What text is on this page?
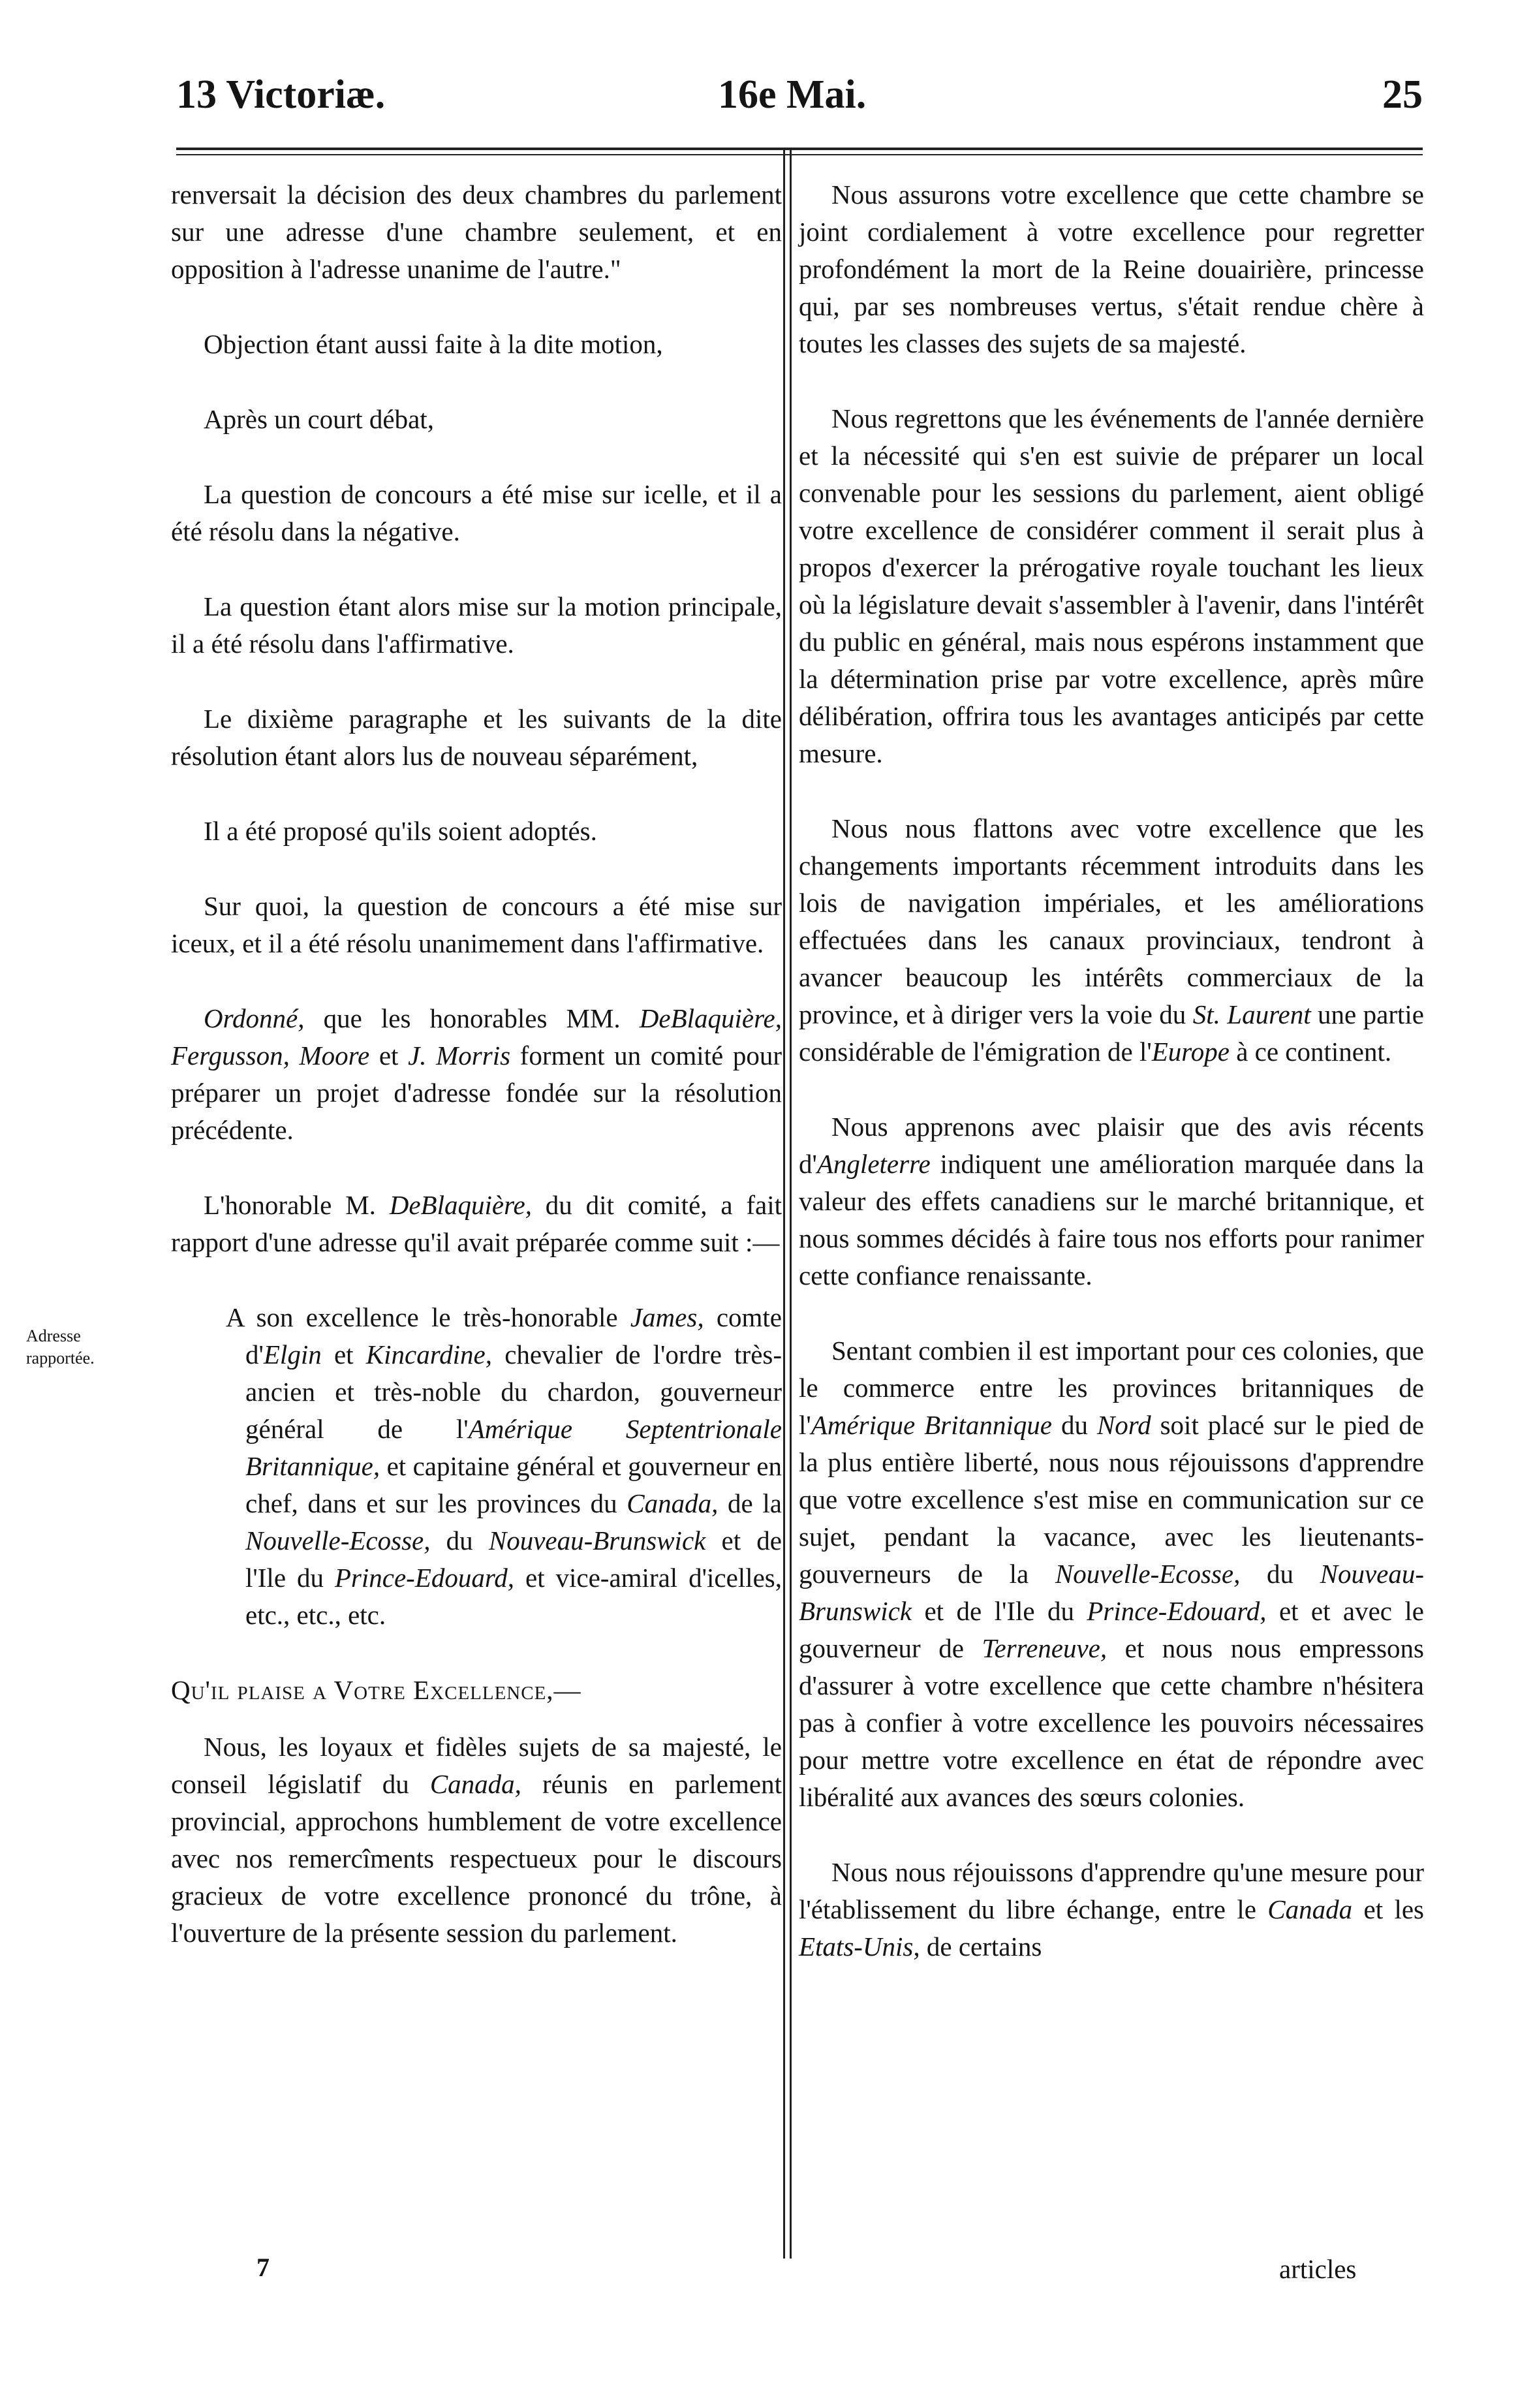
13 Victoriæ.	16e Mai.	25
Adresse rapportée.

renversait la décision des deux chambres du parlement sur une adresse d'une chambre seulement, et en opposition à l'adresse unanime de l'autre."

Objection étant aussi faite à la dite motion,

Après un court débat,

La question de concours a été mise sur icelle, et il a été résolu dans la négative.

La question étant alors mise sur la motion principale, il a été résolu dans l'affirmative.

Le dixième paragraphe et les suivants de la dite résolution étant alors lus de nouveau séparément,

Il a été proposé qu'ils soient adoptés.

Sur quoi, la question de concours a été mise sur iceux, et il a été résolu unanimement dans l'affirmative.

Ordonné, que les honorables MM. DeBlaquière, Fergusson, Moore et J. Morris forment un comité pour préparer un projet d'adresse fondée sur la résolution précédente.

L'honorable M. DeBlaquière, du dit comité, a fait rapport d'une adresse qu'il avait préparée comme suit :—

A son excellence le très-honorable James, comte d'Elgin et Kincardine, chevalier de l'ordre très-ancien et très-noble du chardon, gouverneur général de l'Amérique Septentrionale Britannique, et capitaine général et gouverneur en chef, dans et sur les provinces du Canada, de la Nouvelle-Ecosse, du Nouveau-Brunswick et de l'Ile du Prince-Edouard, et vice-amiral d'icelles, etc., etc., etc.

Qu'il plaise a Votre Excellence,—

Nous, les loyaux et fidèles sujets de sa majesté, le conseil législatif du Canada, réunis en parlement provincial, approchons humblement de votre excellence avec nos remercîments respectueux pour le discours gracieux de votre excellence prononcé du trône, à l'ouverture de la présente session du parlement.

7

Nous assurons votre excellence que cette chambre se joint cordialement à votre excellence pour regretter profondément la mort de la Reine douairière, princesse qui, par ses nombreuses vertus, s'était rendue chère à toutes les classes des sujets de sa majesté.

Nous regrettons que les événements de l'année dernière et la nécessité qui s'en est suivie de préparer un local convenable pour les sessions du parlement, aient obligé votre excellence de considérer comment il serait plus à propos d'exercer la prérogative royale touchant les lieux où la législature devait s'assembler à l'avenir, dans l'intérêt du public en général, mais nous espérons instamment que la détermination prise par votre excellence, après mûre délibération, offrira tous les avantages anticipés par cette mesure.

Nous nous flattons avec votre excellence que les changements importants récemment introduits dans les lois de navigation impériales, et les améliorations effectuées dans les canaux provinciaux, tendront à avancer beaucoup les intérêts commerciaux de la province, et à diriger vers la voie du St. Laurent une partie considérable de l'émigration de l'Europe à ce continent.

Nous apprenons avec plaisir que des avis récents d'Angleterre indiquent une amélioration marquée dans la valeur des effets canadiens sur le marché britannique, et nous sommes décidés à faire tous nos efforts pour ranimer cette confiance renaissante.

Sentant combien il est important pour ces colonies, que le commerce entre les provinces britanniques de l'Amérique Britannique du Nord soit placé sur le pied de la plus entière liberté, nous nous réjouissons d'apprendre que votre excellence s'est mise en communication sur ce sujet, pendant la vacance, avec les lieutenants-gouverneurs de la Nouvelle-Ecosse, du Nouveau-Brunswick et de l'Ile du Prince-Edouard, et et avec le gouverneur de Terreneuve, et nous nous empressons d'assurer à votre excellence que cette chambre n'hésitera pas à confier à votre excellence les pouvoirs nécessaires pour mettre votre excellence en état de répondre avec libéralité aux avances des sœurs colonies.

Nous nous réjouissons d'apprendre qu'une mesure pour l'établissement du libre échange, entre le Canada et les Etats-Unis, de certains

articles
